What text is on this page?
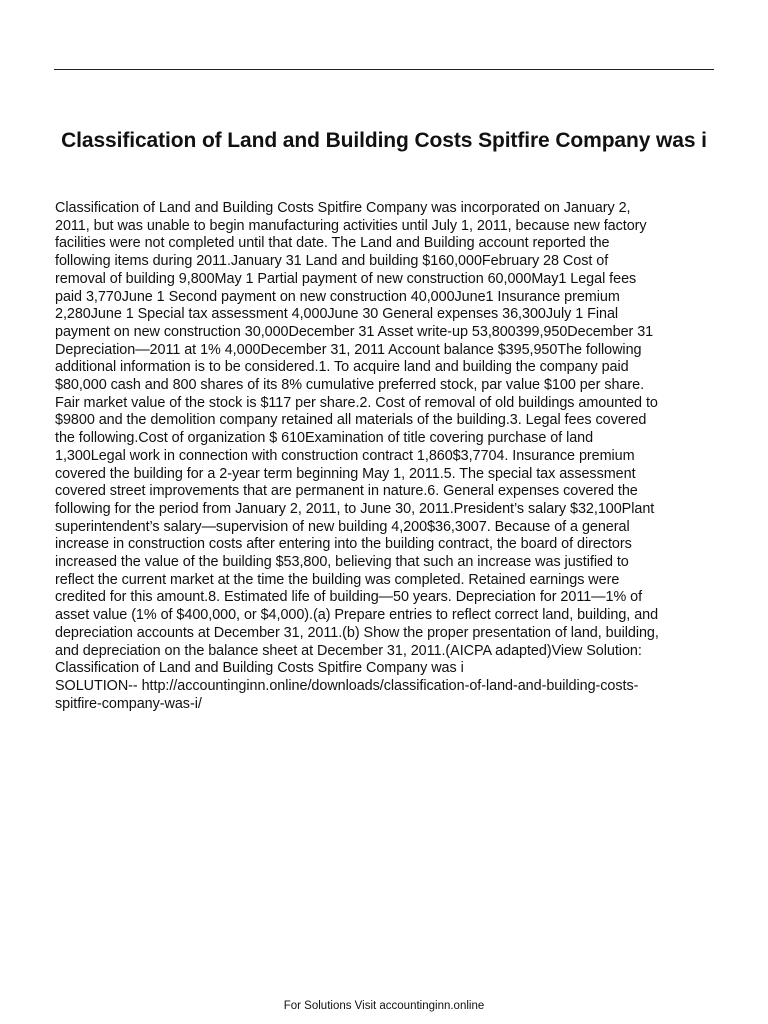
Classification of Land and Building Costs Spitfire Company was i

Classification of Land and Building Costs Spitfire Company was incorporated on January 2,
2011, but was unable to begin manufacturing activities until July 1, 2011, because new factory
facilities were not completed until that date. The Land and Building account reported the
following items during 2011.January 31 Land and building $160,000February 28 Cost of
removal of building 9,800May 1 Partial payment of new construction 60,000May1 Legal fees
paid 3,770June 1 Second payment on new construction 40,000June1 Insurance premium
2,280June 1 Special tax assessment 4,000June 30 General expenses 36,300July 1 Final
payment on new construction 30,000December 31 Asset write-up 53,800399,950December 31
Depreciation—2011 at 1% 4,000December 31, 2011 Account balance $395,950The following
additional information is to be considered.1. To acquire land and building the company paid
$80,000 cash and 800 shares of its 8% cumulative preferred stock, par value $100 per share.
Fair market value of the stock is $117 per share.2. Cost of removal of old buildings amounted to
$9800 and the demolition company retained all materials of the building.3. Legal fees covered
the following.Cost of organization $ 610Examination of title covering purchase of land
1,300Legal work in connection with construction contract 1,860$3,7704. Insurance premium
covered the building for a 2-year term beginning May 1, 2011.5. The special tax assessment
covered street improvements that are permanent in nature.6. General expenses covered the
following for the period from January 2, 2011, to June 30, 2011.President’s salary $32,100Plant
superintendent’s salary—supervision of new building 4,200$36,3007. Because of a general
increase in construction costs after entering into the building contract, the board of directors
increased the value of the building $53,800, believing that such an increase was justified to
reflect the current market at the time the building was completed. Retained earnings were
credited for this amount.8. Estimated life of building—50 years. Depreciation for 2011—1% of
asset value (1% of $400,000, or $4,000).(a) Prepare entries to reflect correct land, building, and
depreciation accounts at December 31, 2011.(b) Show the proper presentation of land, building,
and depreciation on the balance sheet at December 31, 2011.(AICPA adapted)View Solution:
Classification of Land and Building Costs Spitfire Company was i
SOLUTION-- http://accountinginn.online/downloads/classification-of-land-and-building-costs-
spitfire-company-was-i/

For Solutions Visit accountinginn.online
